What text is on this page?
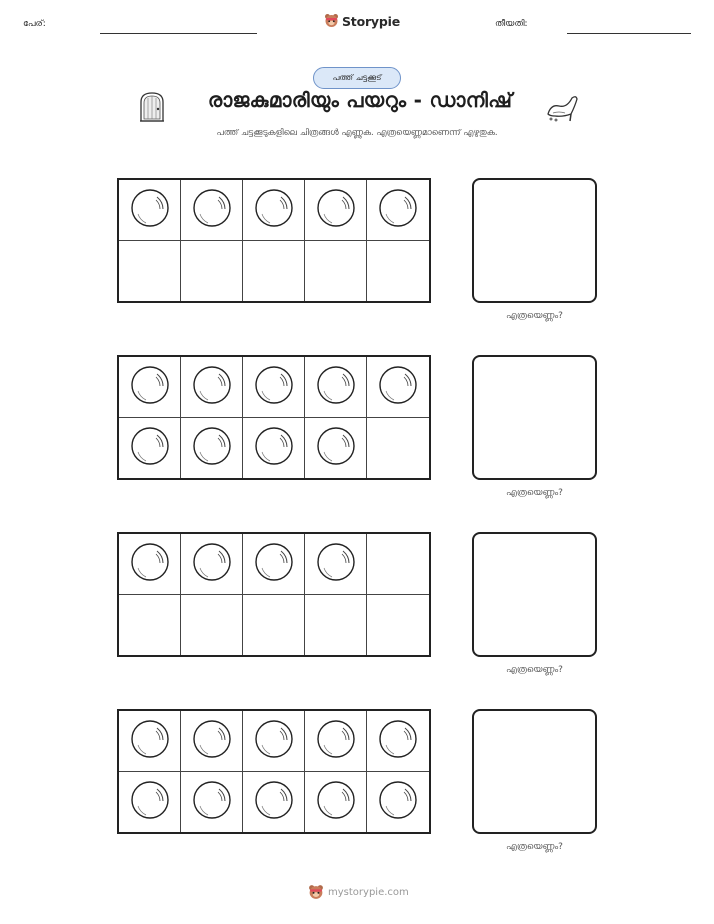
പേര്:	Storypie	തീയതി:
പത്ത് ചട്ടക്കൂട്
രാജകുമാരിയും പയറും - ഡാനിഷ്
പത്ത് ചട്ടക്കൂടുകളിലെ ചിത്രങ്ങൾ എണ്ണുക. എത്രയെണ്ണമാണെന്ന് എഴുതുക.
എത്രയെണ്ണം?
എത്രയെണ്ണം?
എത്രയെണ്ണം?
എത്രയെണ്ണം?
mystorypie.com
